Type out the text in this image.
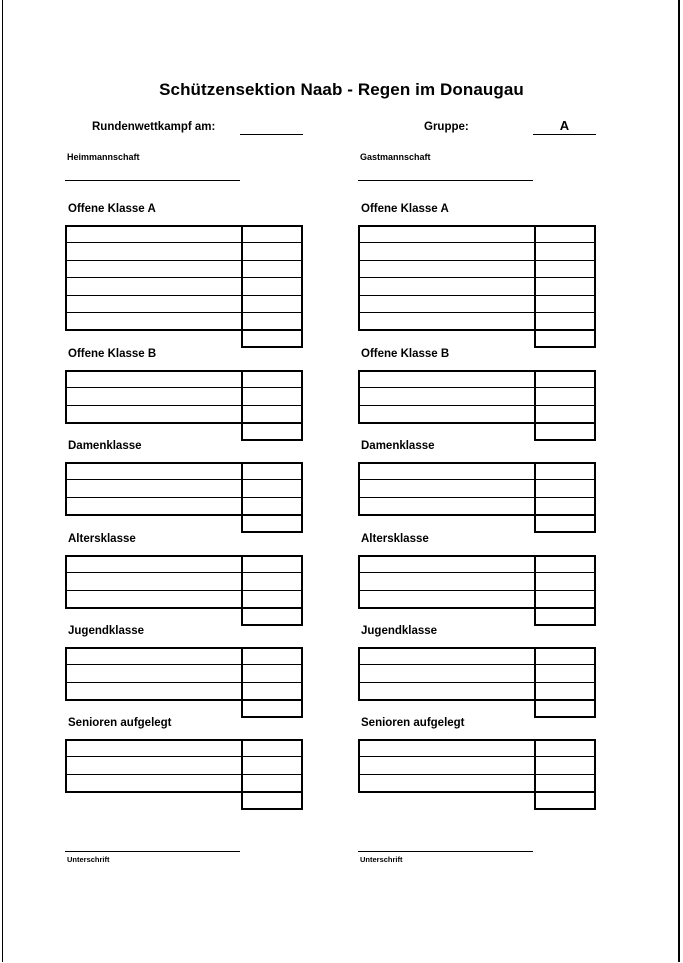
Schützensektion Naab - Regen im Donaugau
Rundenwettkampf am:	Gruppe:	A
Heimmannschaft	Gastmannschaft
Offene Klasse A	Offene Klasse A
Offene Klasse B	Offene Klasse B
Damenklasse	Damenklasse
Altersklasse	Altersklasse
Jugendklasse	Jugendklasse
Senioren aufgelegt	Senioren aufgelegt
Unterschrift	Unterschrift
